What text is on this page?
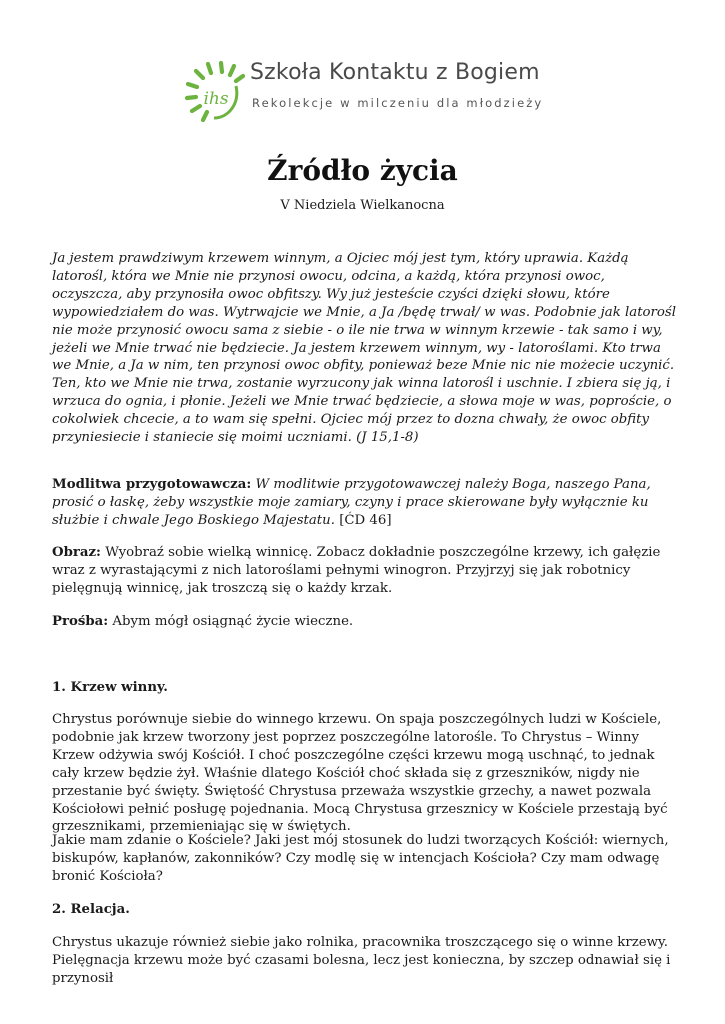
ihs
Szkoła Kontaktu z Bogiem
Rekolekcje w milczeniu dla młodzieży
Źródło życia
V Niedziela Wielkanocna

Ja jestem prawdziwym krzewem winnym, a Ojciec mój jest tym, który uprawia. Każdą latorośl, która we Mnie nie przynosi owocu, odcina, a każdą, która przynosi owoc, oczyszcza, aby przynosiła owoc obfitszy. Wy już jesteście czyści dzięki słowu, które wypowiedziałem do was. Wytrwajcie we Mnie, a Ja /będę trwał/ w was. Podobnie jak latorośl nie może przynosić owocu sama z siebie - o ile nie trwa w winnym krzewie - tak samo i wy, jeżeli we Mnie trwać nie będziecie. Ja jestem krzewem winnym, wy - latoroślami. Kto trwa we Mnie, a Ja w nim, ten przynosi owoc obfity, ponieważ beze Mnie nic nie możecie uczynić. Ten, kto we Mnie nie trwa, zostanie wyrzucony jak winna latorośl i uschnie. I zbiera się ją, i wrzuca do ognia, i płonie. Jeżeli we Mnie trwać będziecie, a słowa moje w was, poproście, o cokolwiek chcecie, a to wam się spełni. Ojciec mój przez to dozna chwały, że owoc obfity przyniesiecie i staniecie się moimi uczniami. (J 15,1-8)

Modlitwa przygotowawcza: W modlitwie przygotowawczej należy Boga, naszego Pana, prosić o łaskę, żeby wszystkie moje zamiary, czyny i prace skierowane były wyłącznie ku służbie i chwale Jego Boskiego Majestatu. [ĆD 46]

Obraz: Wyobraź sobie wielką winnicę. Zobacz dokładnie poszczególne krzewy, ich gałęzie wraz z wyrastającymi z nich latoroślami pełnymi winogron. Przyjrzyj się jak robotnicy pielęgnują winnicę, jak troszczą się o każdy krzak.

Prośba: Abym mógł osiągnąć życie wieczne.

1. Krzew winny.

Chrystus porównuje siebie do winnego krzewu. On spaja poszczególnych ludzi w Kościele, podobnie jak krzew tworzony jest poprzez poszczególne latorośle. To Chrystus – Winny Krzew odżywia swój Kościół. I choć poszczególne części krzewu mogą uschnąć, to jednak cały krzew będzie żył. Właśnie dlatego Kościół choć składa się z grzeszników, nigdy nie przestanie być święty. Świętość Chrystusa przeważa wszystkie grzechy, a nawet pozwala Kościołowi pełnić posługę pojednania. Mocą Chrystusa grzesznicy w Kościele przestają być grzesznikami, przemieniając się w świętych.

Jakie mam zdanie o Kościele? Jaki jest mój stosunek do ludzi tworzących Kościół: wiernych, biskupów, kapłanów, zakonników? Czy modlę się w intencjach Kościoła? Czy mam odwagę bronić Kościoła?

2. Relacja.

Chrystus ukazuje również siebie jako rolnika, pracownika troszczącego się o winne krzewy. Pielęgnacja krzewu może być czasami bolesna, lecz jest konieczna, by szczep odnawiał się i przynosił
